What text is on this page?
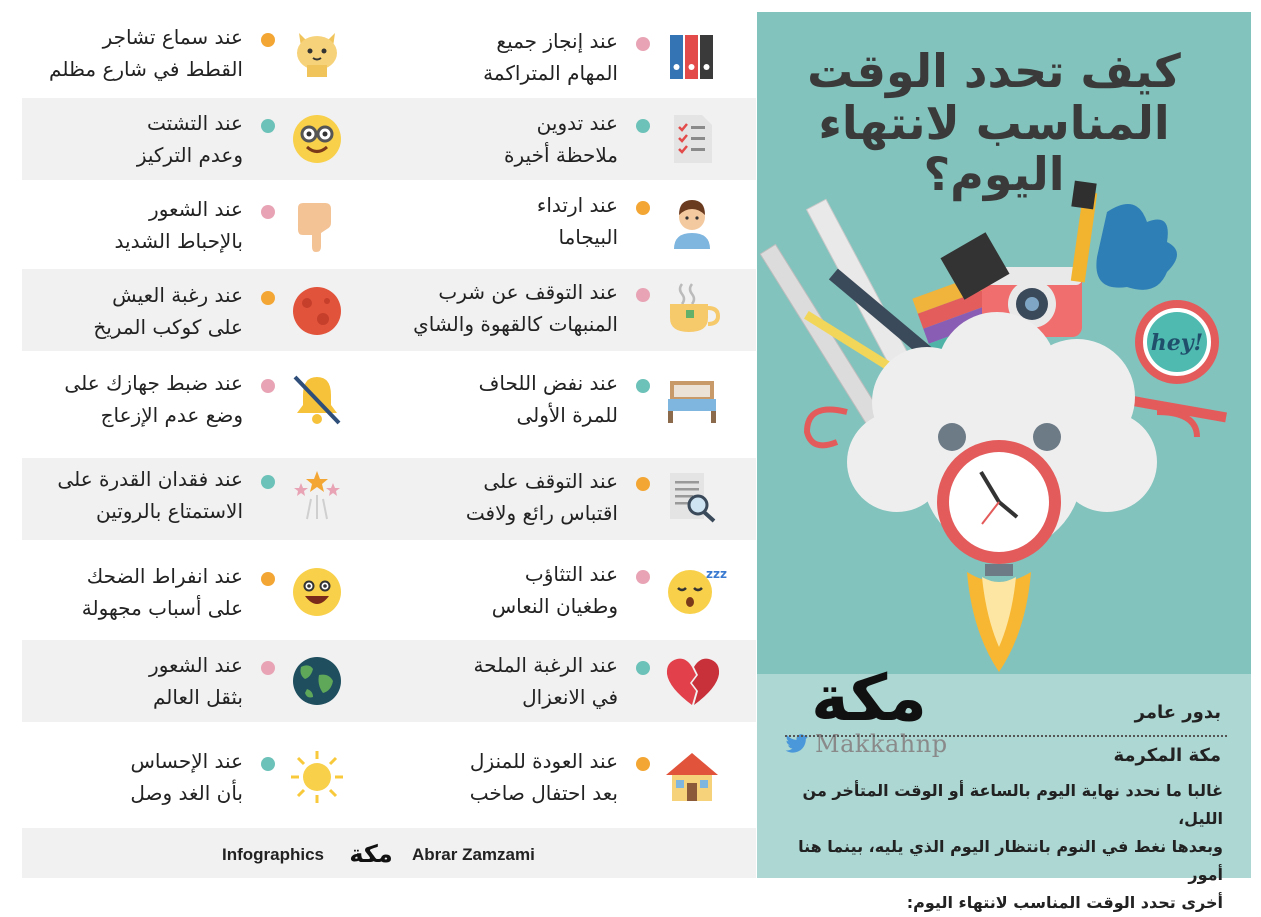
كيف تحدد الوقت
المناسب لانتهاء اليوم؟
hey!
مكة
Makkahnp
بدور عامر
مكة المكرمة
غالبا ما نحدد نهاية اليوم بالساعة أو الوقت المتأخر من الليل،
وبعدها نغط في النوم بانتظار اليوم الذي يليه، بينما هنا أمور
أخرى تحدد الوقت المناسب لانتهاء اليوم:
عند إنجاز جميع
المهام المتراكمة
عند سماع تشاجر
القطط في شارع مظلم
عند تدوين
ملاحظة أخيرة
عند التشتت
وعدم التركيز
عند ارتداء
البيجاما
عند الشعور
بالإحباط الشديد
عند التوقف عن شرب
المنبهات كالقهوة والشاي
عند رغبة العيش
على كوكب المريخ
عند نفض اللحاف
للمرة الأولى
عند ضبط جهازك على
وضع عدم الإزعاج
عند التوقف على
اقتباس رائع ولافت
عند فقدان القدرة على
الاستمتاع بالروتين
عند التثاؤب
وطغيان النعاس
zzz
عند انفراط الضحك
على أسباب مجهولة
عند الرغبة الملحة
في الانعزال
عند الشعور
بثقل العالم
عند العودة للمنزل
بعد احتفال صاخب
عند الإحساس
بأن الغد وصل
Infographics مكة Abrar Zamzami
